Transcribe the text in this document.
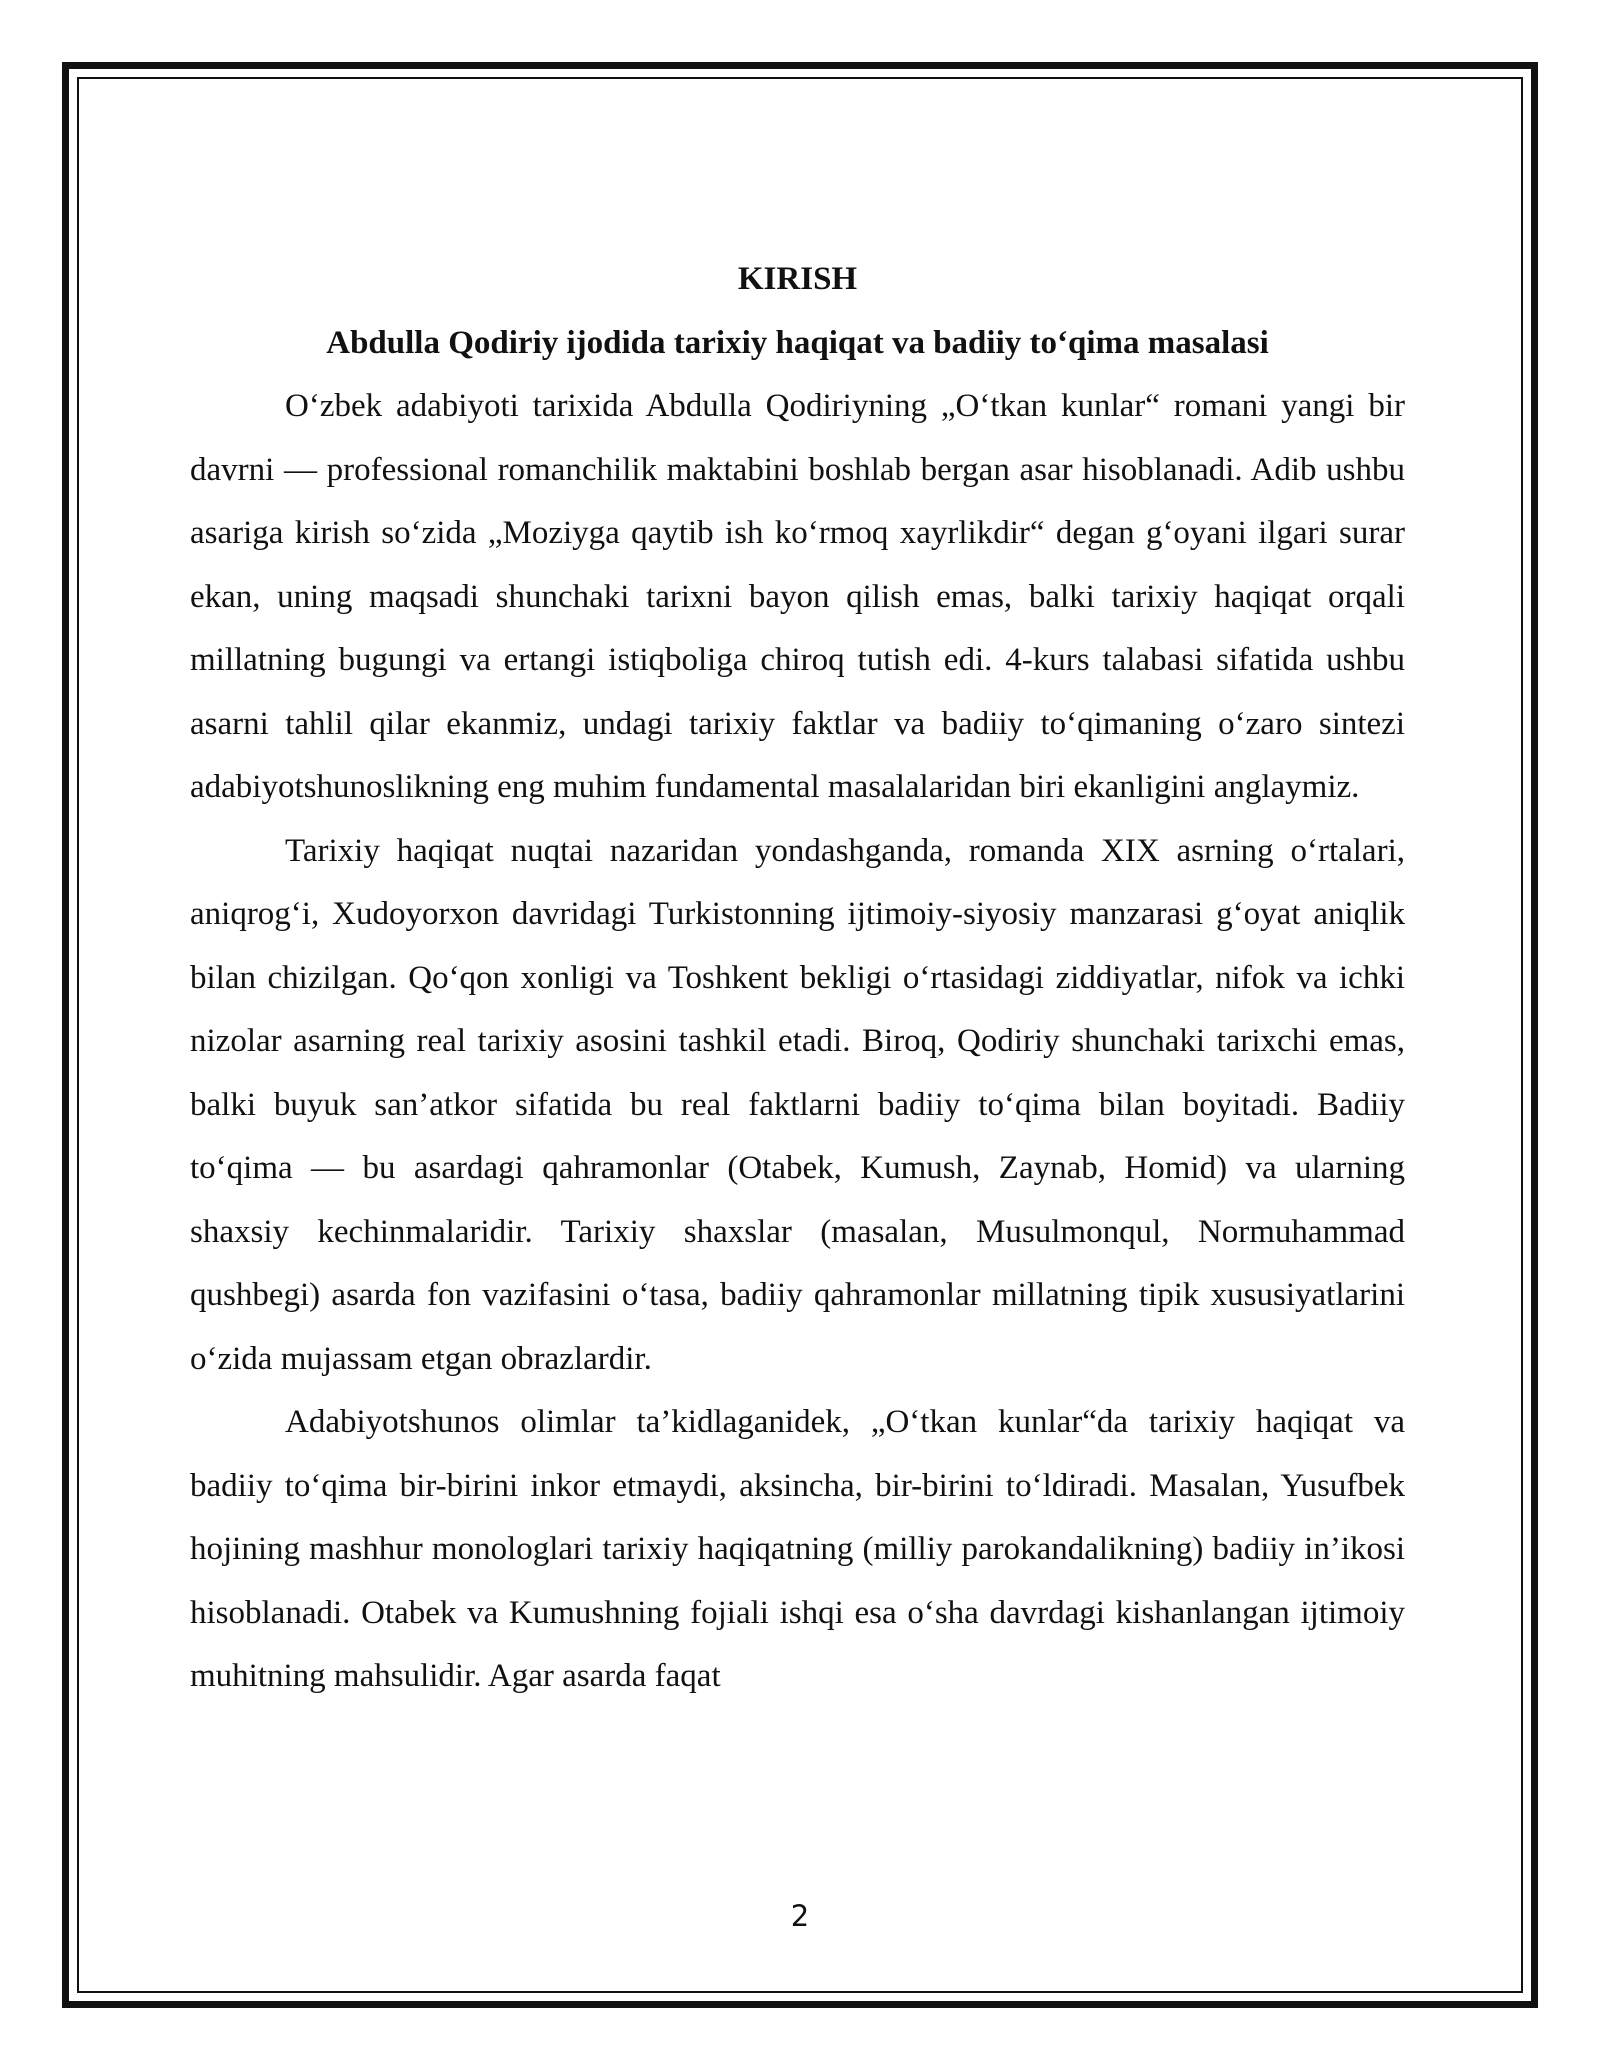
KIRISH
Abdulla Qodiriy ijodida tarixiy haqiqat va badiiy to‘qima masalasi

O‘zbek adabiyoti tarixida Abdulla Qodiriyning „O‘tkan kunlar“ romani yangi bir davrni — professional romanchilik maktabini boshlab bergan asar hisoblanadi. Adib ushbu asariga kirish so‘zida „Moziyga qaytib ish ko‘rmoq xayrlikdir“ degan g‘oyani ilgari surar ekan, uning maqsadi shunchaki tarixni bayon qilish emas, balki tarixiy haqiqat orqali millatning bugungi va ertangi istiqboliga chiroq tutish edi. 4-kurs talabasi sifatida ushbu asarni tahlil qilar ekanmiz, undagi tarixiy faktlar va badiiy to‘qimaning o‘zaro sintezi adabiyotshunoslikning eng muhim fundamental masalalaridan biri ekanligini anglaymiz.

Tarixiy haqiqat nuqtai nazaridan yondashganda, romanda XIX asrning o‘rtalari, aniqrog‘i, Xudoyorxon davridagi Turkistonning ijtimoiy-siyosiy manzarasi g‘oyat aniqlik bilan chizilgan. Qo‘qon xonligi va Toshkent bekligi o‘rtasidagi ziddiyatlar, nifok va ichki nizolar asarning real tarixiy asosini tashkil etadi. Biroq, Qodiriy shunchaki tarixchi emas, balki buyuk san’atkor sifatida bu real faktlarni badiiy to‘qima bilan boyitadi. Badiiy to‘qima — bu asardagi qahramonlar (Otabek, Kumush, Zaynab, Homid) va ularning shaxsiy kechinmalaridir. Tarixiy shaxslar (masalan, Musulmonqul, Normuhammad qushbegi) asarda fon vazifasini o‘tasa, badiiy qahramonlar millatning tipik xususiyatlarini o‘zida mujassam etgan obrazlardir.

Adabiyotshunos olimlar ta’kidlaganidek, „O‘tkan kunlar“da tarixiy haqiqat va badiiy to‘qima bir-birini inkor etmaydi, aksincha, bir-birini to‘ldiradi. Masalan, Yusufbek hojining mashhur monologlari tarixiy haqiqatning (milliy parokandalikning) badiiy in’ikosi hisoblanadi. Otabek va Kumushning fojiali ishqi esa o‘sha davrdagi kishanlangan ijtimoiy muhitning mahsulidir. Agar asarda faqat

2
